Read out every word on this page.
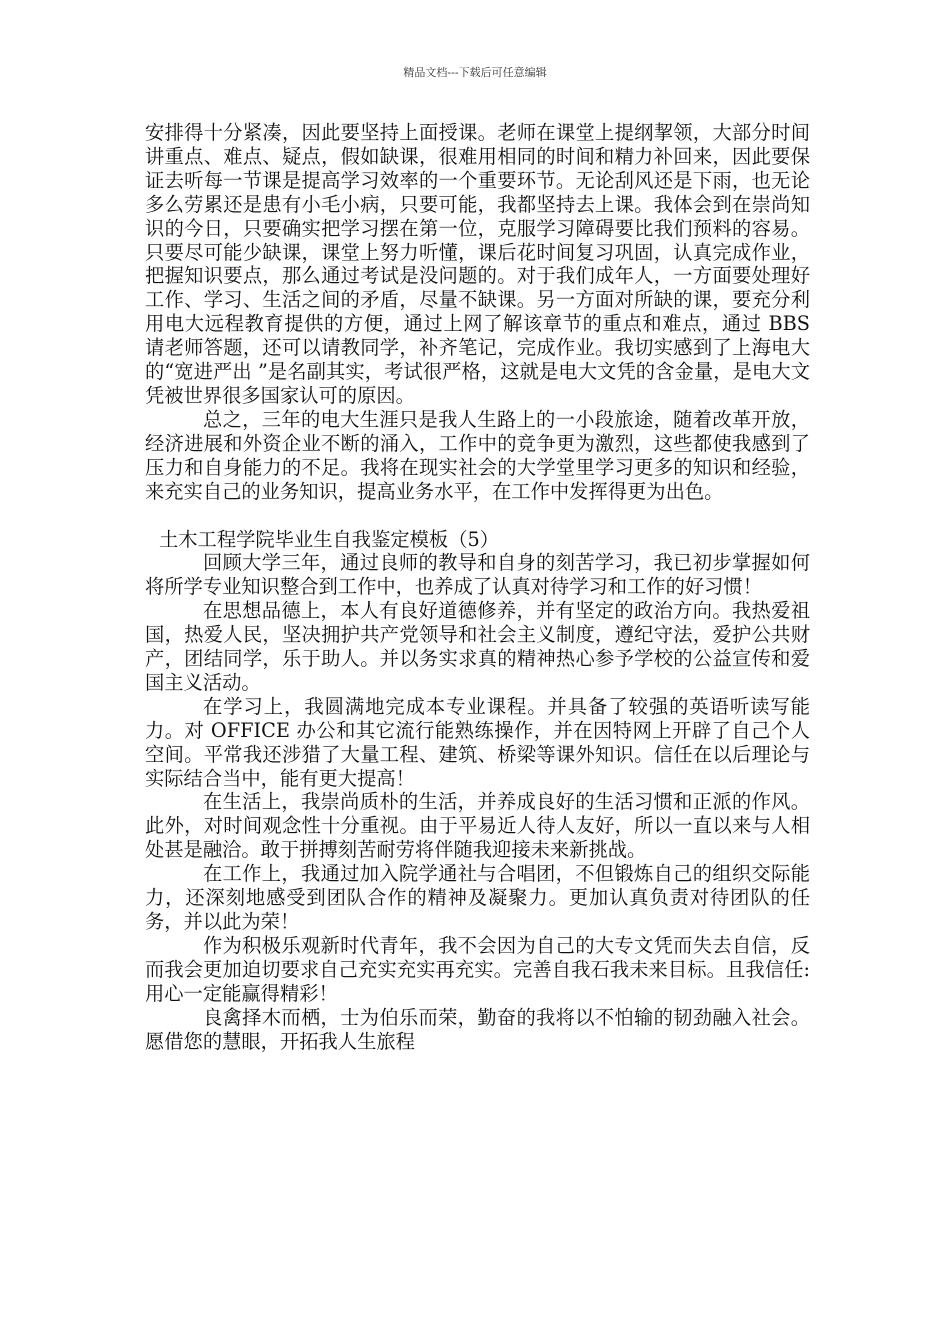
精品文档---下载后可任意编辑

安排得十分紧凑，因此要坚持上面授课。老师在课堂上提纲挈领，大部分时间讲重点、难点、疑点，假如缺课，很难用相同的时间和精力补回来，因此要保证去听每一节课是提高学习效率的一个重要环节。无论刮风还是下雨，也无论多么劳累还是患有小毛小病，只要可能，我都坚持去上课。我体会到在崇尚知识的今日，只要确实把学习摆在第一位，克服学习障碍要比我们预料的容易。只要尽可能少缺课，课堂上努力听懂，课后花时间复习巩固，认真完成作业，把握知识要点，那么通过考试是没问题的。对于我们成年人，一方面要处理好工作、学习、生活之间的矛盾，尽量不缺课。另一方面对所缺的课，要充分利用电大远程教育提供的方便，通过上网了解该章节的重点和难点，通过 BBS 请老师答题，还可以请教同学，补齐笔记，完成作业。我切实感到了上海电大的“宽进严出 ”是名副其实，考试很严格，这就是电大文凭的含金量，是电大文凭被世界很多国家认可的原因。

总之，三年的电大生涯只是我人生路上的一小段旅途，随着改革开放，经济进展和外资企业不断的涌入，工作中的竞争更为激烈，这些都使我感到了压力和自身能力的不足。我将在现实社会的大学堂里学习更多的知识和经验，来充实自己的业务知识，提高业务水平，在工作中发挥得更为出色。

土木工程学院毕业生自我鉴定模板（5）

回顾大学三年，通过良师的教导和自身的刻苦学习，我已初步掌握如何将所学专业知识整合到工作中，也养成了认真对待学习和工作的好习惯！

在思想品德上，本人有良好道德修养，并有坚定的政治方向。我热爱祖国，热爱人民，坚决拥护共产党领导和社会主义制度，遵纪守法，爱护公共财产，团结同学，乐于助人。并以务实求真的精神热心参予学校的公益宣传和爱国主义活动。

在学习上，我圆满地完成本专业课程。并具备了较强的英语听读写能力。对 OFFICE 办公和其它流行能熟练操作，并在因特网上开辟了自己个人空间。平常我还涉猎了大量工程、建筑、桥梁等课外知识。信任在以后理论与实际结合当中，能有更大提高！

在生活上，我崇尚质朴的生活，并养成良好的生活习惯和正派的作风。此外，对时间观念性十分重视。由于平易近人待人友好，所以一直以来与人相处甚是融洽。敢于拼搏刻苦耐劳将伴随我迎接未来新挑战。

在工作上，我通过加入院学通社与合唱团，不但锻炼自己的组织交际能力，还深刻地感受到团队合作的精神及凝聚力。更加认真负责对待团队的任务，并以此为荣！

作为积极乐观新时代青年，我不会因为自己的大专文凭而失去自信，反而我会更加迫切要求自己充实充实再充实。完善自我石我未来目标。且我信任:用心一定能赢得精彩！

良禽择木而栖，士为伯乐而荣，勤奋的我将以不怕输的韧劲融入社会。愿借您的慧眼，开拓我人生旅程
